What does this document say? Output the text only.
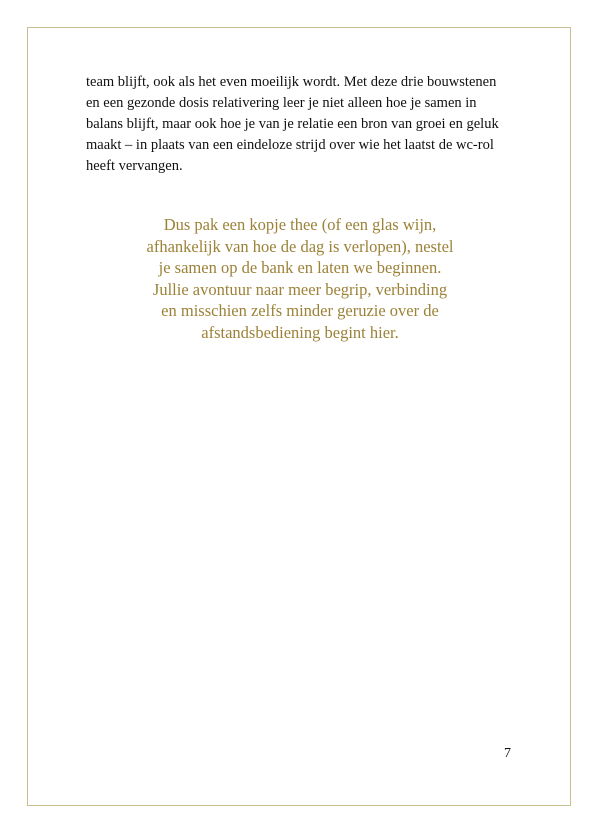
team blijft, ook als het even moeilijk wordt. Met deze drie bouwstenen
en een gezonde dosis relativering leer je niet alleen hoe je samen in
balans blijft, maar ook hoe je van je relatie een bron van groei en geluk
maakt – in plaats van een eindeloze strijd over wie het laatst de wc-rol
heeft vervangen.

Dus pak een kopje thee (of een glas wijn,
afhankelijk van hoe de dag is verlopen), nestel
je samen op de bank en laten we beginnen.
Jullie avontuur naar meer begrip, verbinding
en misschien zelfs minder geruzie over de
afstandsbediening begint hier.

7
